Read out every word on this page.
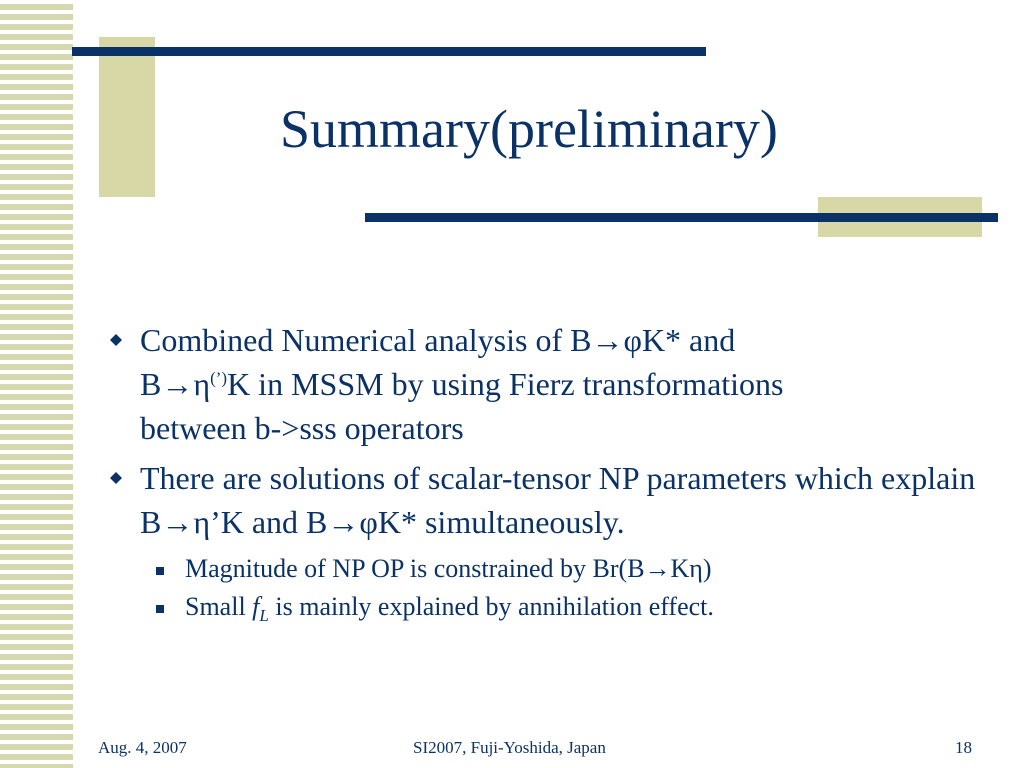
Summary(preliminary)
Combined Numerical analysis of B→φK* and
B→η(’)K in MSSM by using Fierz transformations
between b->sss operators
There are solutions of scalar-tensor NP parameters which explain B→η’K and B→φK* simultaneously.
Magnitude of NP OP is constrained by Br(B→Kη)
Small $f_L$ is mainly explained by annihilation effect.
Aug. 4, 2007	SI2007, Fuji-Yoshida, Japan	18
